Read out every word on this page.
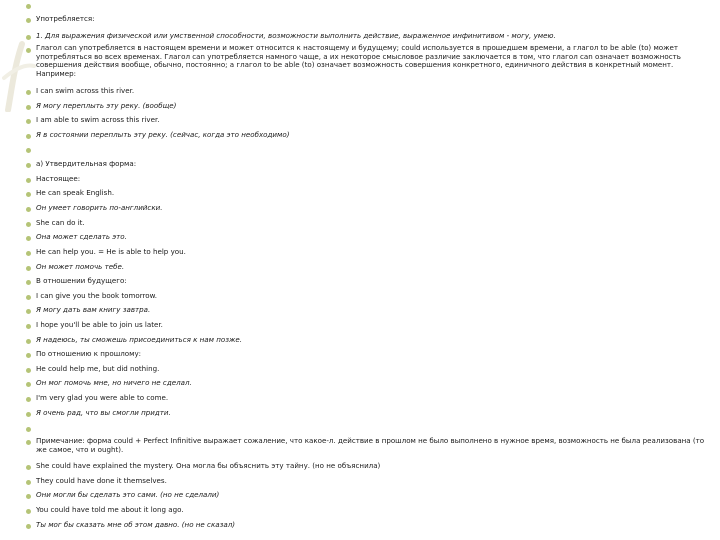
Употребляется:
1. Для выражения физической или умственной способности, возможности выполнить действие, выраженное инфинитивом - могу, умею.
Глагол can употребляется в настоящем времени и может относится к настоящему и будущему; could используется в прошедшем времени, а глагол to be able (to) может употребляться во всех временах. Глагол can употребляется намного чаще, а их некоторое смысловое различие заключается в том, что глагол can означает возможность совершения действия вообще, обычно, постоянно; а глагол to be able (to) означает возможность совершения конкретного, единичного действия в конкретный момент. Например:
I can swim across this river.
Я могу переплыть эту реку. (вообще)
I am able to swim across this river.
Я в состоянии переплыть эту реку. (сейчас, когда это необходимо)
a) Утвердительная форма:
Настоящее:
He can speak English.
Он умеет говорить по-английски.
She can do it.
Она может сделать это.
He can help you. = He is able to help you.
Он может помочь тебе.
В отношении будущего:
I can give you the book tomorrow.
Я могу дать вам книгу завтра.
I hope you'll be able to join us later.
Я надеюсь, ты сможешь присоединиться к нам позже.
По отношению к прошлому:
He could help me, but did nothing.
Он мог помочь мне, но ничего не сделал.
I'm very glad you were able to come.
Я очень рад, что вы смогли придти.
Примечание: форма could + Perfect Infinitive выражает сожаление, что какое-л. действие в прошлом не было выполнено в нужное время, возможность не была реализована (то же самое, что и ought).
She could have explained the mystery. Она могла бы объяснить эту тайну. (но не объяснила)
They could have done it themselves.
Они могли бы сделать это сами. (но не сделали)
You could have told me about it long ago.
Ты мог бы сказать мне об этом давно. (но не сказал)
